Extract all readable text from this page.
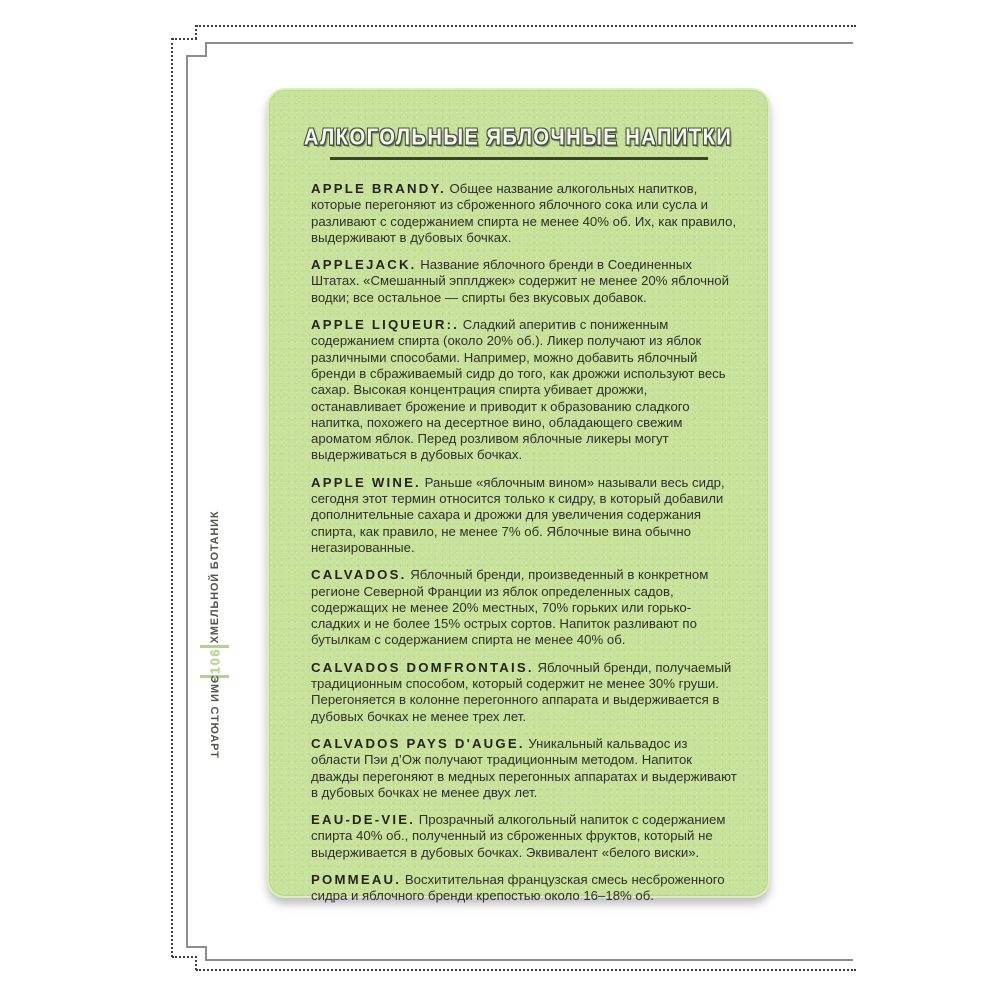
ХМЕЛЬНОЙ БОТАНИК
106
ЭМИ СТЮАРТ
АЛКОГОЛЬНЫЕ ЯБЛОЧНЫЕ НАПИТКИ

APPLE BRANDY. Общее название алкогольных напитков, которые перегоняют из сброженного яблочного сока или сусла и разливают с содержанием спирта не менее 40% об. Их, как правило, выдерживают в дубовых бочках.

APPLEJACK. Название яблочного бренди в Соединенных Штатах. «Смешанный эпплджек» содержит не менее 20% яблочной водки; все остальное — спирты без вкусовых добавок.

APPLE LIQUEUR:. Сладкий аперитив с пониженным содержанием спирта (около 20% об.). Ликер получают из яблок различными способами. Например, можно добавить яблочный бренди в сбраживаемый сидр до того, как дрожжи используют весь сахар. Высокая концентрация спирта убивает дрожжи, останавливает брожение и приводит к образованию сладкого напитка, похожего на десертное вино, обладающего свежим ароматом яблок. Перед розливом яблочные ликеры могут выдерживаться в дубовых бочках.

APPLE WINE. Раньше «яблочным вином» называли весь сидр, сегодня этот термин относится только к сидру, в который добавили дополнительные сахара и дрожжи для увеличения содержания спирта, как правило, не менее 7% об. Яблочные вина обычно негазированные.

CALVADOS. Яблочный бренди, произведенный в конкретном регионе Северной Франции из яблок определенных садов, содержащих не менее 20% местных, 70% горьких или горько-сладких и не более 15% острых сортов. Напиток разливают по бутылкам с содержанием спирта не менее 40% об.

CALVADOS DOMFRONTAIS. Яблочный бренди, получаемый традиционным способом, который содержит не менее 30% груши. Перегоняется в колонне перегонного аппарата и выдерживается в дубовых бочках не менее трех лет.

CALVADOS PAYS D'AUGE. Уникальный кальвадос из области Пэи д’Ож получают традиционным методом. Напиток дважды перегоняют в медных перегонных аппаратах и выдерживают в дубовых бочках не менее двух лет.

EAU-DE-VIE. Прозрачный алкогольный напиток с содержанием спирта 40% об., полученный из сброженных фруктов, который не выдерживается в дубовых бочках. Эквивалент «белого виски».

POMMEAU. Восхитительная французская смесь несброженного сидра и яблочного бренди крепостью около 16–18% об.
